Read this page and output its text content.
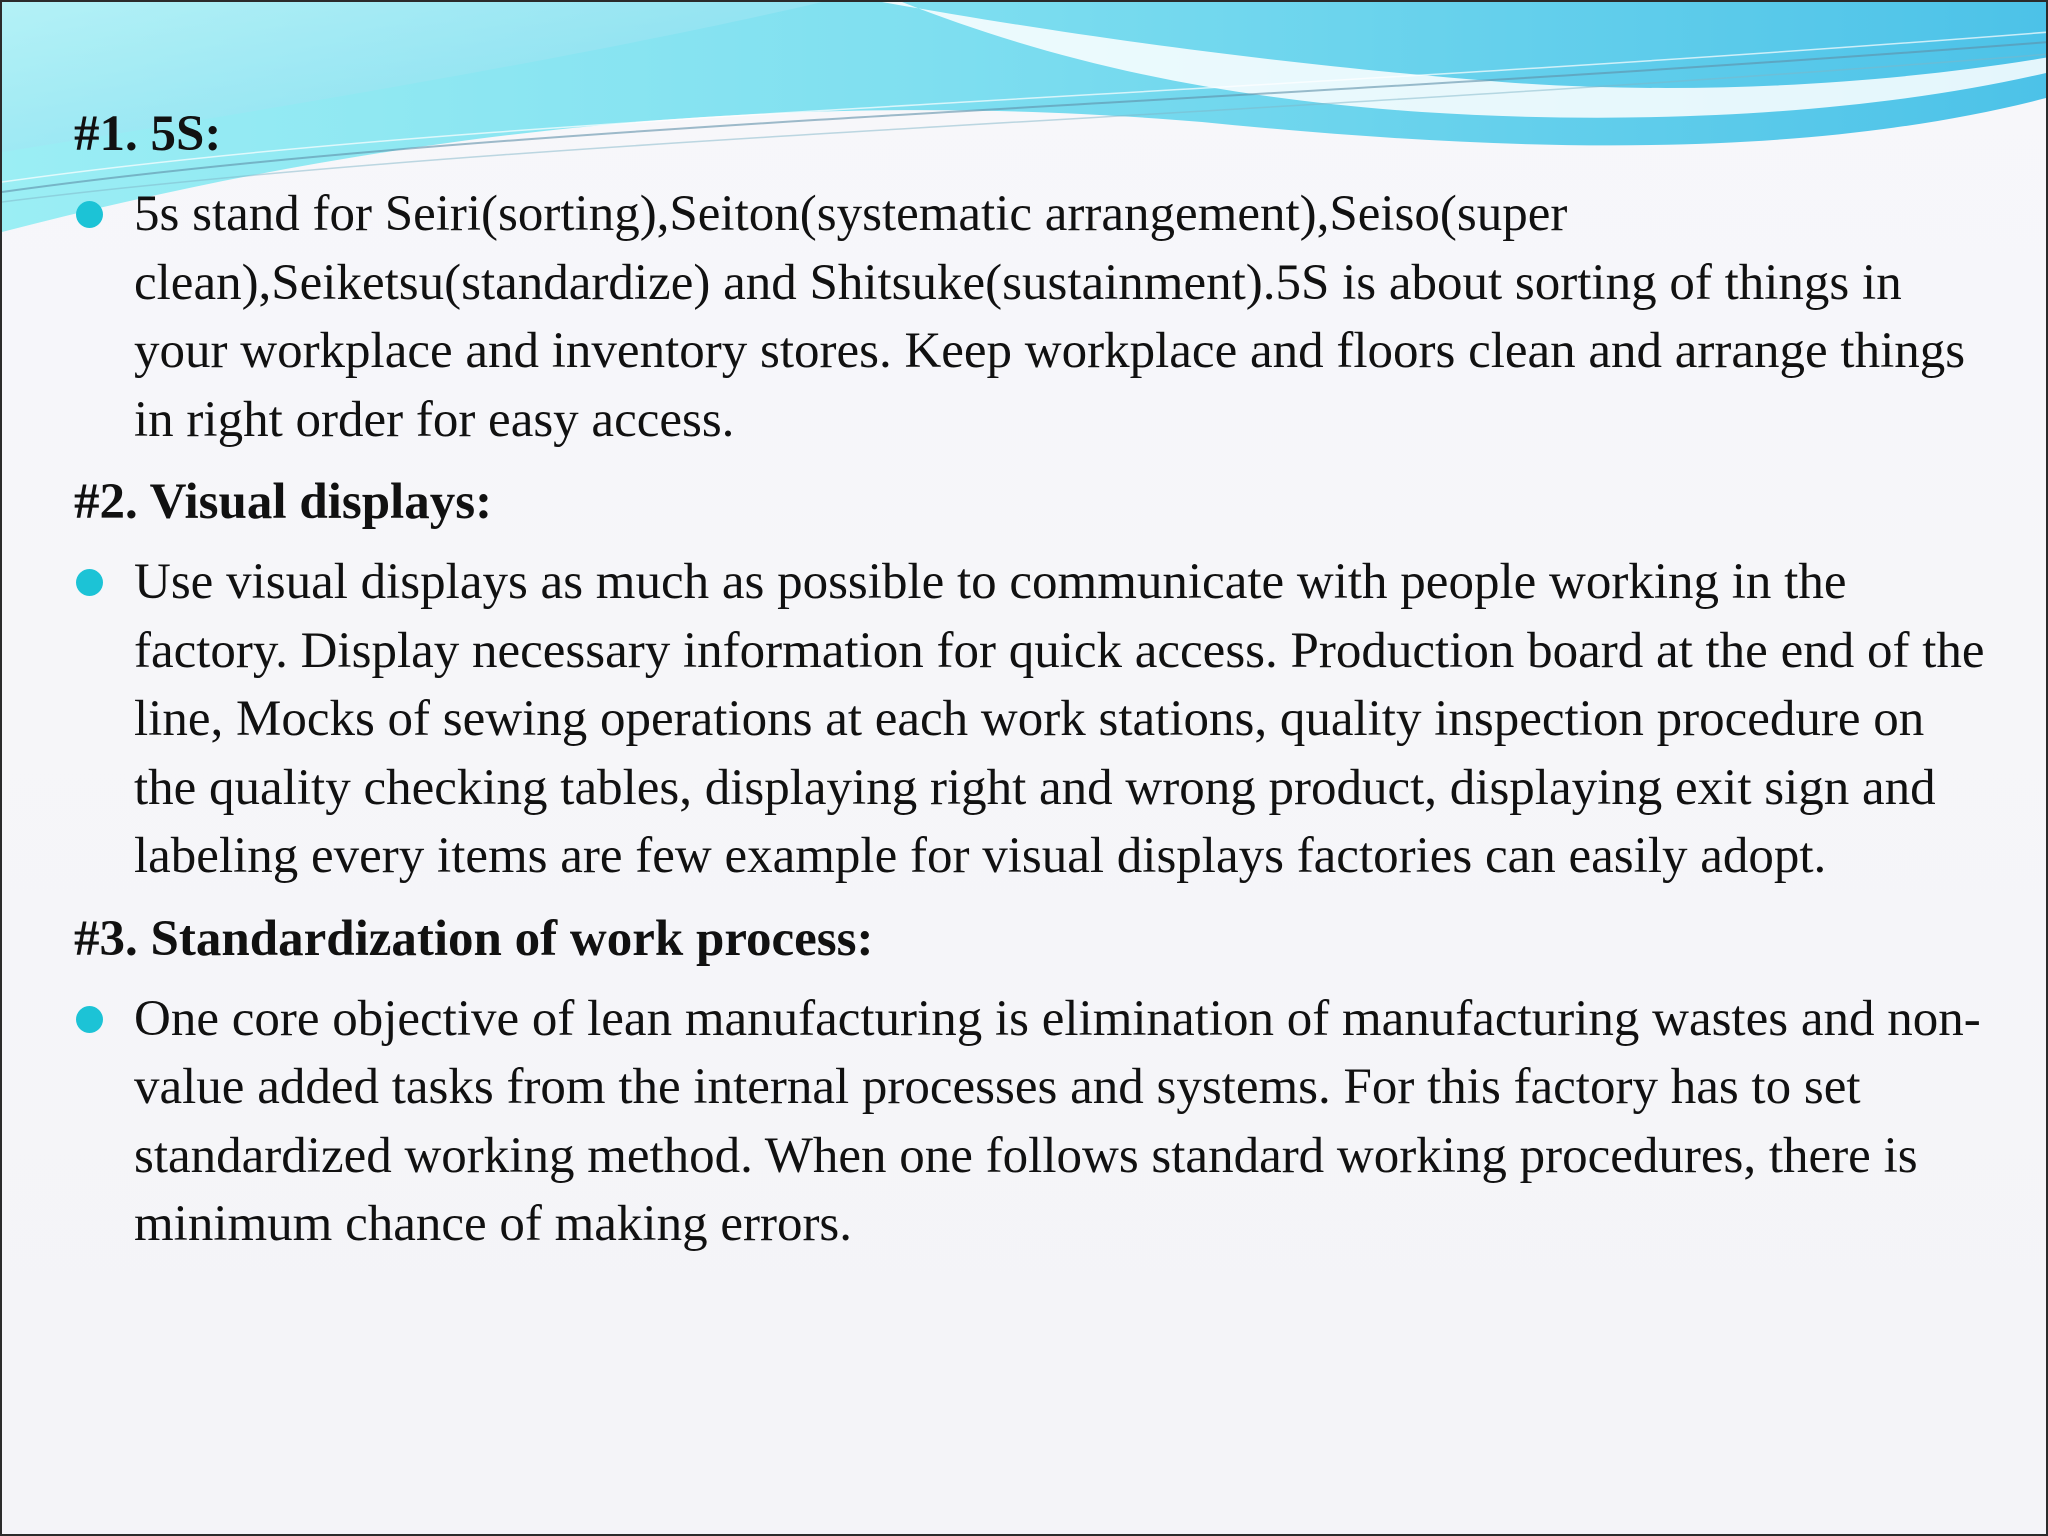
#1. 5S:

5s stand for Seiri(sorting),Seiton(systematic arrangement),Seiso(super clean),Seiketsu(standardize) and Shitsuke(sustainment).5S is about sorting of things in your workplace and inventory stores. Keep workplace and floors clean and arrange things in right order for easy access.

#2. Visual displays:

Use visual displays as much as possible to communicate with people working in the factory. Display necessary information for quick access. Production board at the end of the line, Mocks of sewing operations at each work stations, quality inspection procedure on the quality checking tables, displaying right and wrong product, displaying exit sign and labeling every items are few example for visual displays factories can easily adopt.

#3. Standardization of work process:

One core objective of lean manufacturing is elimination of manufacturing wastes and non-value added tasks from the internal processes and systems. For this factory has to set standardized working method. When one follows standard working procedures, there is minimum chance of making errors.
